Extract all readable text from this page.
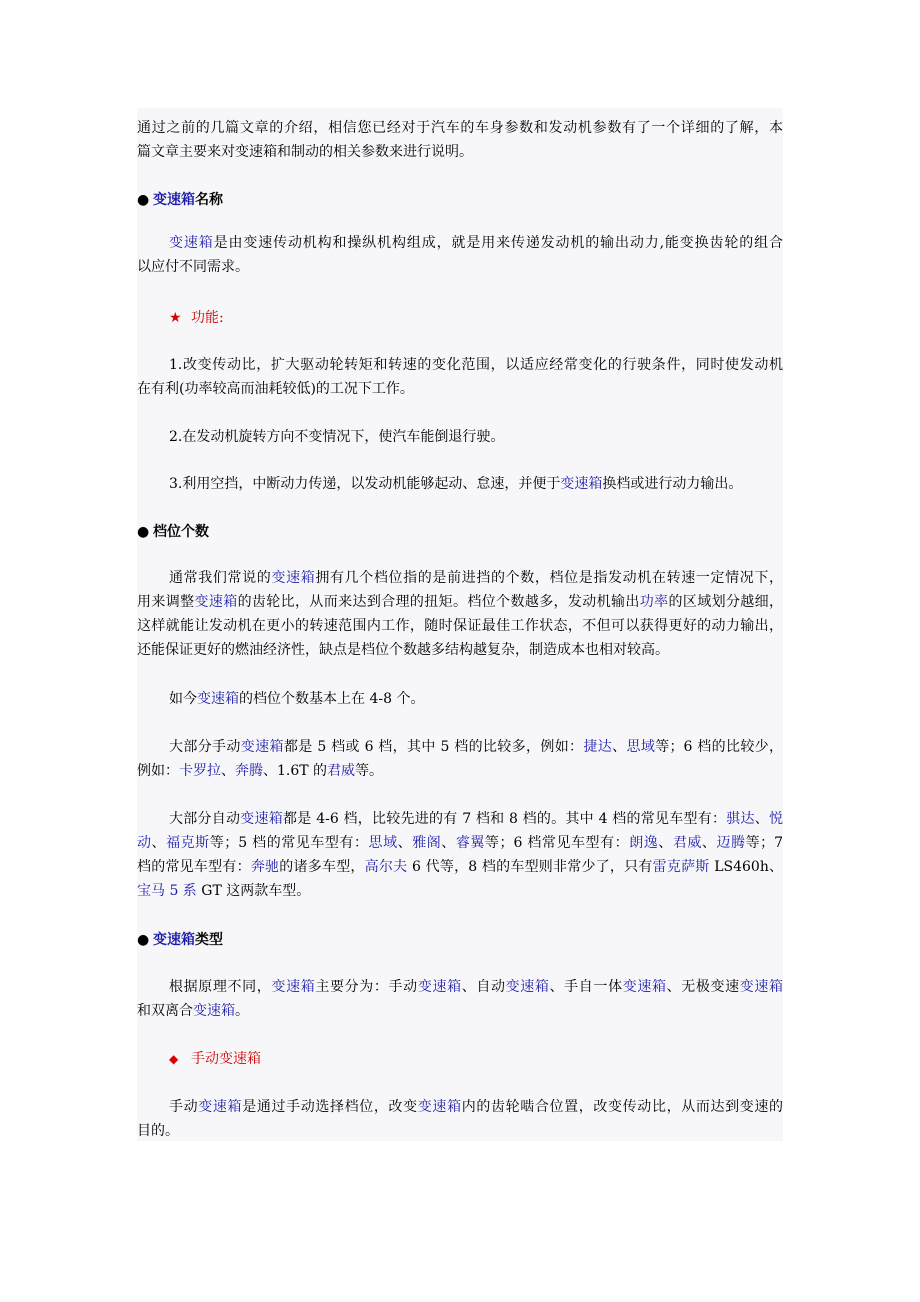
通过之前的几篇文章的介绍，相信您已经对于汽车的车身参数和发动机参数有了一个详细的了解，本
篇文章主要来对变速箱和制动的相关参数来进行说明。
● 变速箱名称
变速箱是由变速传动机构和操纵机构组成，就是用来传递发动机的输出动力,能变换齿轮的组合
以应付不同需求。
★ 功能:
1.改变传动比，扩大驱动轮转矩和转速的变化范围，以适应经常变化的行驶条件，同时使发动机
在有利(功率较高而油耗较低)的工况下工作。
2.在发动机旋转方向不变情况下，使汽车能倒退行驶。
3.利用空挡，中断动力传递，以发动机能够起动、怠速，并便于变速箱换档或进行动力输出。
● 档位个数
通常我们常说的变速箱拥有几个档位指的是前进挡的个数，档位是指发动机在转速一定情况下，
用来调整变速箱的齿轮比，从而来达到合理的扭矩。档位个数越多，发动机输出功率的区域划分越细，
这样就能让发动机在更小的转速范围内工作，随时保证最佳工作状态，不但可以获得更好的动力输出，
还能保证更好的燃油经济性，缺点是档位个数越多结构越复杂，制造成本也相对较高。
如今变速箱的档位个数基本上在 4-8 个。
大部分手动变速箱都是 5 档或 6 档，其中 5 档的比较多，例如：捷达、思域等；6 档的比较少，
例如：卡罗拉、奔腾、1.6T 的君威等。
大部分自动变速箱都是 4-6 档，比较先进的有 7 档和 8 档的。其中 4 档的常见车型有：骐达、悦
动、福克斯等；5 档的常见车型有：思域、雅阁、睿翼等；6 档常见车型有：朗逸、君威、迈腾等；7
档的常见车型有：奔驰的诸多车型，高尔夫 6 代等，8 档的车型则非常少了，只有雷克萨斯 LS460h、
宝马 5 系 GT 这两款车型。
● 变速箱类型
根据原理不同，变速箱主要分为：手动变速箱、自动变速箱、手自一体变速箱、无极变速变速箱
和双离合变速箱。
◆ 手动变速箱
手动变速箱是通过手动选择档位，改变变速箱内的齿轮啮合位置，改变传动比，从而达到变速的
目的。
